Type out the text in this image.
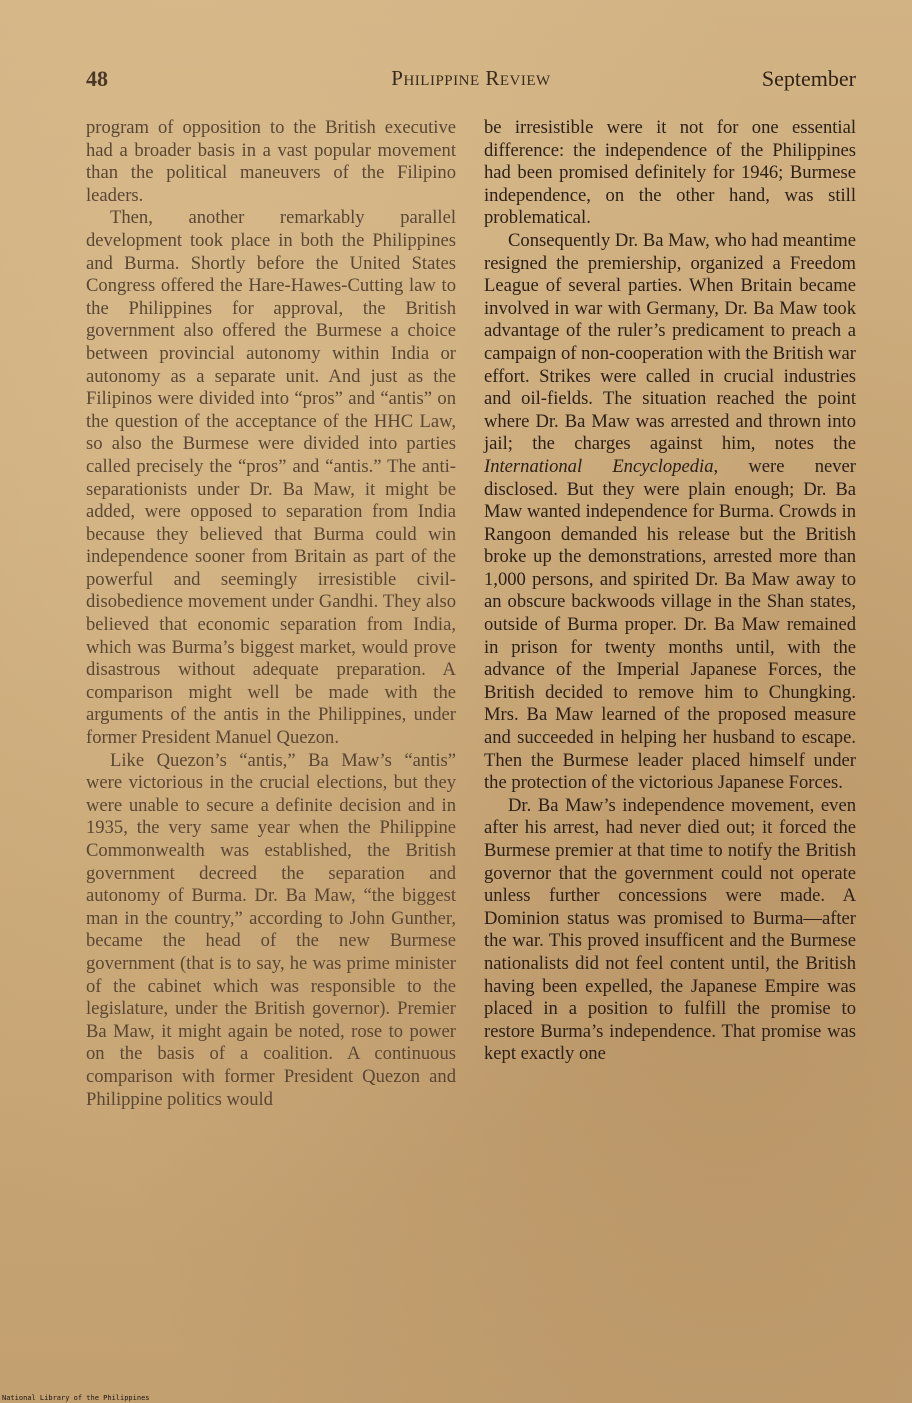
48	Philippine Review	September

program of opposition to the British executive had a broader basis in a vast popular movement than the political maneuvers of the Filipino leaders.

Then, another remarkably parallel development took place in both the Philippines and Burma. Shortly before the United States Congress offered the Hare-Hawes-Cutting law to the Philippines for approval, the British government also offered the Burmese a choice between provincial autonomy within India or autonomy as a separate unit. And just as the Filipinos were divided into “pros” and “antis” on the question of the acceptance of the HHC Law, so also the Burmese were divided into parties called precisely the “pros” and “antis.” The anti-separationists under Dr. Ba Maw, it might be added, were opposed to separation from India because they believed that Burma could win independence sooner from Britain as part of the powerful and seemingly irresistible civil-disobedience movement under Gandhi. They also believed that economic separation from India, which was Burma’s biggest market, would prove disastrous without adequate preparation. A comparison might well be made with the arguments of the antis in the Philippines, under former President Manuel Quezon.

Like Quezon’s “antis,” Ba Maw’s “antis” were victorious in the crucial elections, but they were unable to secure a definite decision and in 1935, the very same year when the Philippine Commonwealth was established, the British government decreed the separation and autonomy of Burma. Dr. Ba Maw, “the biggest man in the country,” according to John Gunther, became the head of the new Burmese government (that is to say, he was prime minister of the cabinet which was responsible to the legislature, under the British governor). Premier Ba Maw, it might again be noted, rose to power on the basis of a coalition. A continuous comparison with former President Quezon and Philippine politics would

be irresistible were it not for one essential difference: the independence of the Philippines had been promised definitely for 1946; Burmese independence, on the other hand, was still problematical.

Consequently Dr. Ba Maw, who had meantime resigned the premiership, organized a Freedom League of several parties. When Britain became involved in war with Germany, Dr. Ba Maw took advantage of the ruler’s predicament to preach a campaign of non-cooperation with the British war effort. Strikes were called in crucial industries and oil-fields. The situation reached the point where Dr. Ba Maw was arrested and thrown into jail; the charges against him, notes the International Encyclopedia, were never disclosed. But they were plain enough; Dr. Ba Maw wanted independence for Burma. Crowds in Rangoon demanded his release but the British broke up the demonstrations, arrested more than 1,000 persons, and spirited Dr. Ba Maw away to an obscure backwoods village in the Shan states, outside of Burma proper. Dr. Ba Maw remained in prison for twenty months until, with the advance of the Imperial Japanese Forces, the British decided to remove him to Chungking. Mrs. Ba Maw learned of the proposed measure and succeeded in helping her husband to escape. Then the Burmese leader placed himself under the protection of the victorious Japanese Forces.

Dr. Ba Maw’s independence movement, even after his arrest, had never died out; it forced the Burmese premier at that time to notify the British governor that the government could not operate unless further concessions were made. A Dominion status was promised to Burma—after the war. This proved insufficent and the Burmese nationalists did not feel content until, the British having been expelled, the Japanese Empire was placed in a position to fulfill the promise to restore Burma’s independence. That promise was kept exactly one

National Library of the Philippines
